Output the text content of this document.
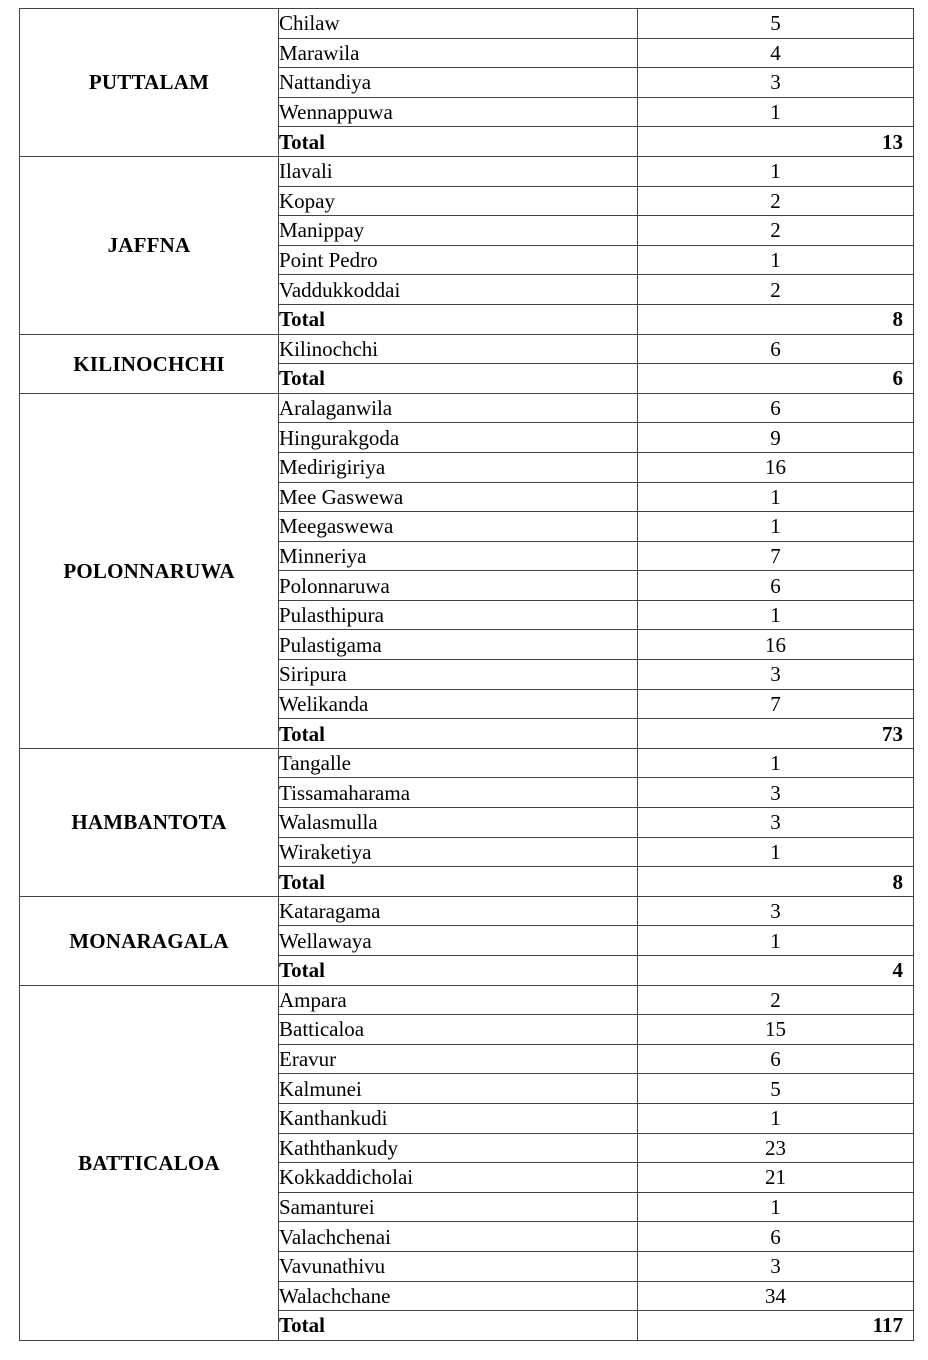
PUTTALAM	Chilaw	5
	Marawila	4
	Nattandiya	3
	Wennappuwa	1
	Total	13
JAFFNA	Ilavali	1
	Kopay	2
	Manippay	2
	Point Pedro	1
	Vaddukkoddai	2
	Total	8
KILINOCHCHI	Kilinochchi	6
	Total	6
POLONNARUWA	Aralaganwila	6
	Hingurakgoda	9
	Medirigiriya	16
	Mee Gaswewa	1
	Meegaswewa	1
	Minneriya	7
	Polonnaruwa	6
	Pulasthipura	1
	Pulastigama	16
	Siripura	3
	Welikanda	7
	Total	73
HAMBANTOTA	Tangalle	1
	Tissamaharama	3
	Walasmulla	3
	Wiraketiya	1
	Total	8
MONARAGALA	Kataragama	3
	Wellawaya	1
	Total	4
BATTICALOA	Ampara	2
	Batticaloa	15
	Eravur	6
	Kalmunei	5
	Kanthankudi	1
	Kaththankudy	23
	Kokkaddicholai	21
	Samanturei	1
	Valachchenai	6
	Vavunathivu	3
	Walachchane	34
	Total	117
